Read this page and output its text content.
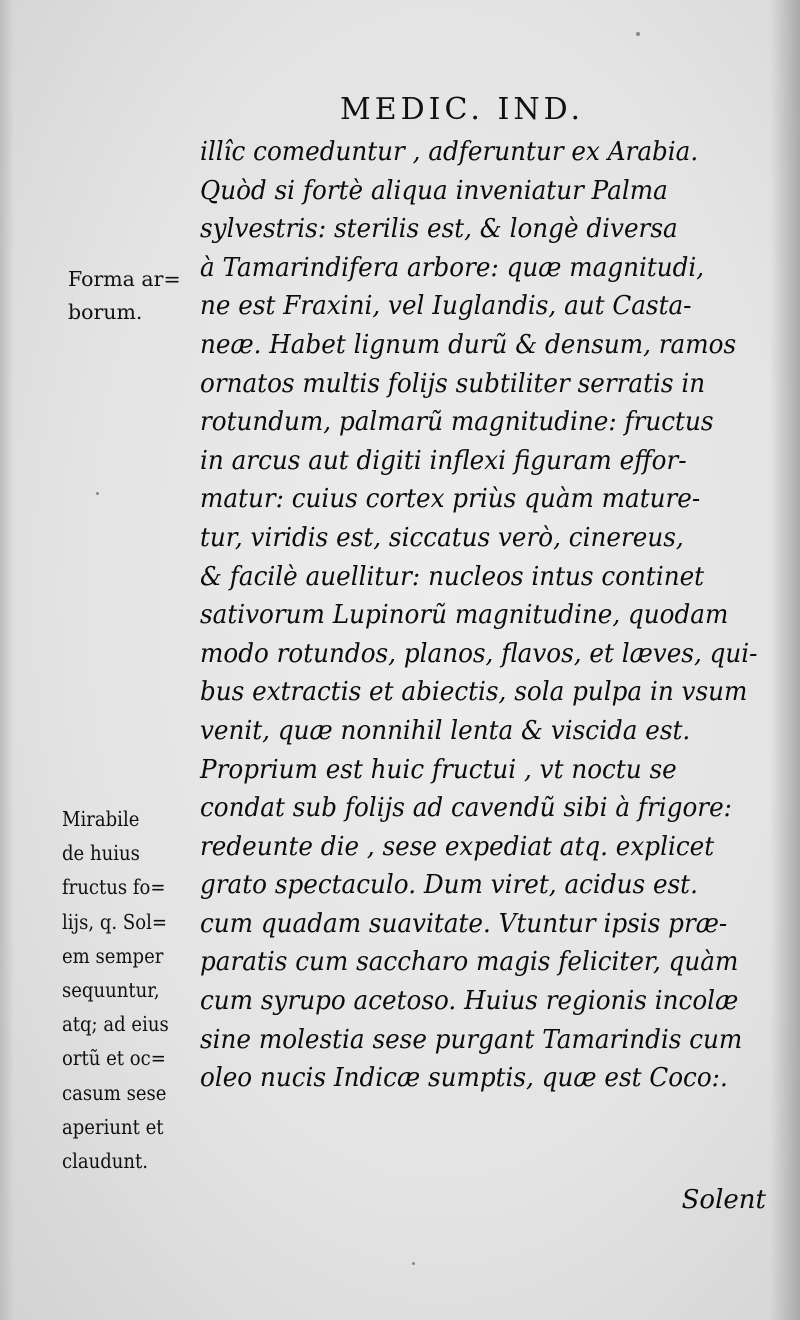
MEDIC. IND.
illîc comeduntur , adferuntur ex Arabia.
Quòd si fortè aliqua inveniatur Palma
sylvestris: sterilis est, & longè diversa
à Tamarindifera arbore: quæ magnitudi,
ne est Fraxini, vel Iuglandis, aut Casta-
neæ. Habet lignum durũ & densum, ramos
ornatos multis folijs subtiliter serratis in
rotundum, palmarũ magnitudine: fructus
in arcus aut digiti inflexi figuram effor-
matur: cuius cortex priùs quàm mature-
tur, viridis est, siccatus verò, cinereus,
& facilè auellitur: nucleos intus continet
sativorum Lupinorũ magnitudine, quodam
modo rotundos, planos, flavos, et læves, qui-
bus extractis et abiectis, sola pulpa in vsum
venit, quæ nonnihil lenta & viscida est.
Proprium est huic fructui , vt noctu se
condat sub folijs ad cavendũ sibi à frigore:
redeunte die , sese expediat atq. explicet
grato spectaculo. Dum viret, acidus est.
cum quadam suavitate. Vtuntur ipsis præ-
paratis cum saccharo magis feliciter, quàm
cum syrupo acetoso. Huius regionis incolæ
sine molestia sese purgant Tamarindis cum
oleo nucis Indicæ sumptis, quæ est Coco:.
Solent
Forma ar=
borum.
Mirabile
de huius
fructus fo=
lijs, q. Sol=
em semper
sequuntur,
atq; ad eius
ortũ et oc=
casum sese
aperiunt et
claudunt.
